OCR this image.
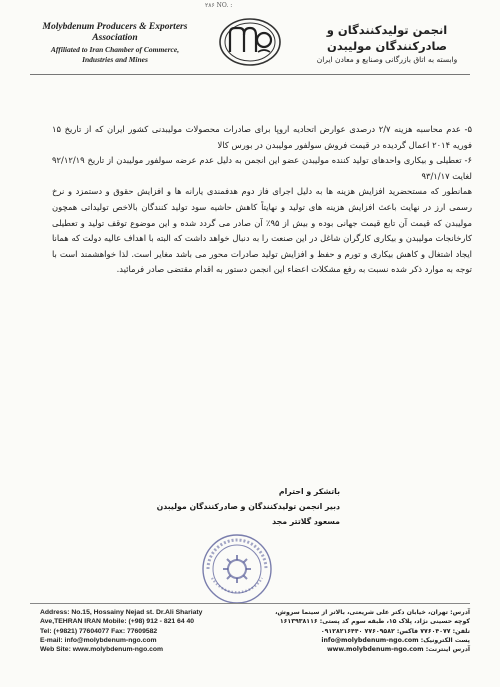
۲۸۶ NO. :
Molybdenum Producers & Exporters
Association
Affiliated to Iran Chamber of Commerce,
Industries and Mines
انجمن تولیدکنندگان و صادرکنندگان مولیبدن
وابسته به اتاق بازرگانی وصنایع و معادن ایران

۵- عدم محاسبه هزینه ۲/۷ درصدی عوارض اتحادیه اروپا برای صادرات محصولات مولیبدنی کشور ایران که از تاریخ ۱۵ فوریه ۲۰۱۴ اعمال گردیده در قیمت فروش سولفور مولیبدن در بورس کالا

۶- تعطیلی و بیکاری واحدهای تولید کننده مولیبدن عضو این انجمن به دلیل عدم عرضه سولفور مولیبدن از تاریخ ۹۲/۱۲/۱۹ لغایت ۹۳/۱/۱۷

همانطور که مستحضرید افزایش هزینه ها به دلیل اجرای فاز دوم هدفمندی یارانه ها و افزایش حقوق و دستمزد و نرخ رسمی ارز در نهایت باعث افزایش هزینه های تولید و نهایتاً کاهش حاشیه سود تولید کنندگان بالاخص تولیداتی همچون مولیبدن که قیمت آن تابع قیمت جهانی بوده و بیش از ۹۵٪ آن صادر می گردد شده و این موضوع توقف تولید و تعطیلی کارخانجات مولیبدن و بیکاری کارگران شاغل در این صنعت را به دنبال خواهد داشت که البته با اهداف عالیه دولت که همانا ایجاد اشتغال و کاهش بیکاری و تورم و حفظ و افزایش تولید صادرات محور می باشد مغایر است. لذا خواهشمند است با توجه به موارد ذکر شده نسبت به رفع مشکلات اعضاء این انجمن دستور به اقدام مقتضی صادر فرمائید.

باتشکر و احترام
دبیر انجمن تولیدکنندگان و صادرکنندگان مولیبدن
مسعود گلاتتر مجد
Address: No.15, Hossainy Nejad st. Dr.Ali Shariaty
Ave,TEHRAN IRAN Mobile: (+98) 912 - 821 64 40
Tel: (+9821) 77604077 Fax: 77609582
E-mail: info@molybdenum-ngo.com
Web Site: www.molybdenum-ngo.com
آدرس: تهران، خیابان دکتر علی شریعتی، بالاتر از سینما سروش،
کوچه حسینی نژاد، پلاک ۱۵، طبقه سوم کد پستی: ۱۶۱۳۹۳۸۱۱۶
تلفن: ۷۷۶۰۴۰۷۷ فاکس: ۷۷۶۰۹۵۸۲ ۰۹۱۲۸۲۱۶۴۴۰
پست الکترونیک: info@molybdenum-ngo.com
آدرس اینترنت: www.molybdenum-ngo.com
